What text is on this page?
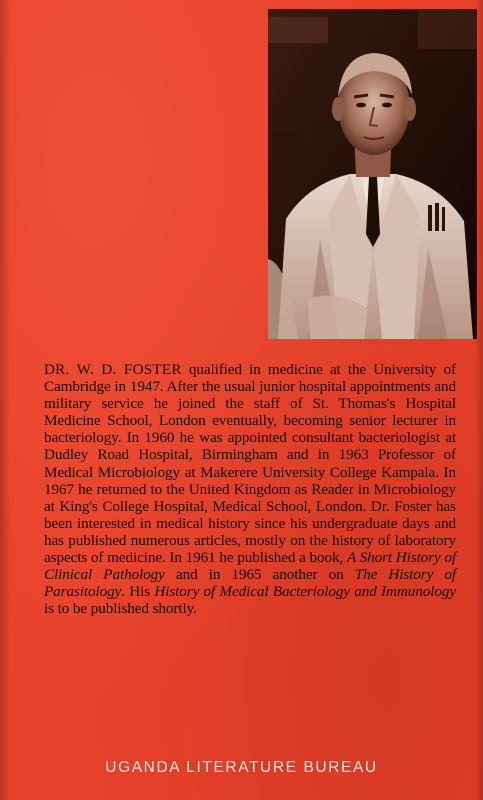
DR. W. D. FOSTER qualified in medicine at the University of Cambridge in 1947. After the usual junior hospital appointments and military service he joined the staff of St. Thomas's Hospital Medicine School, London eventually, becoming senior lecturer in bacteriology. In 1960 he was appointed consultant bacteriologist at Dudley Road Hospital, Birmingham and in 1963 Professor of Medical Microbiology at Makerere University College Kampala. In 1967 he returned to the United Kingdom as Reader in Microbiology at King's College Hospital, Medical School, London. Dr. Foster has been interested in medical history since his undergraduate days and has published numerous articles, mostly on the history of laboratory aspects of medicine. In 1961 he published a book, A Short History of Clinical Pathology and in 1965 another on The History of Parasitology. His History of Medical Bacteriology and Immunology is to be published shortly.
UGANDA LITERATURE BUREAU
